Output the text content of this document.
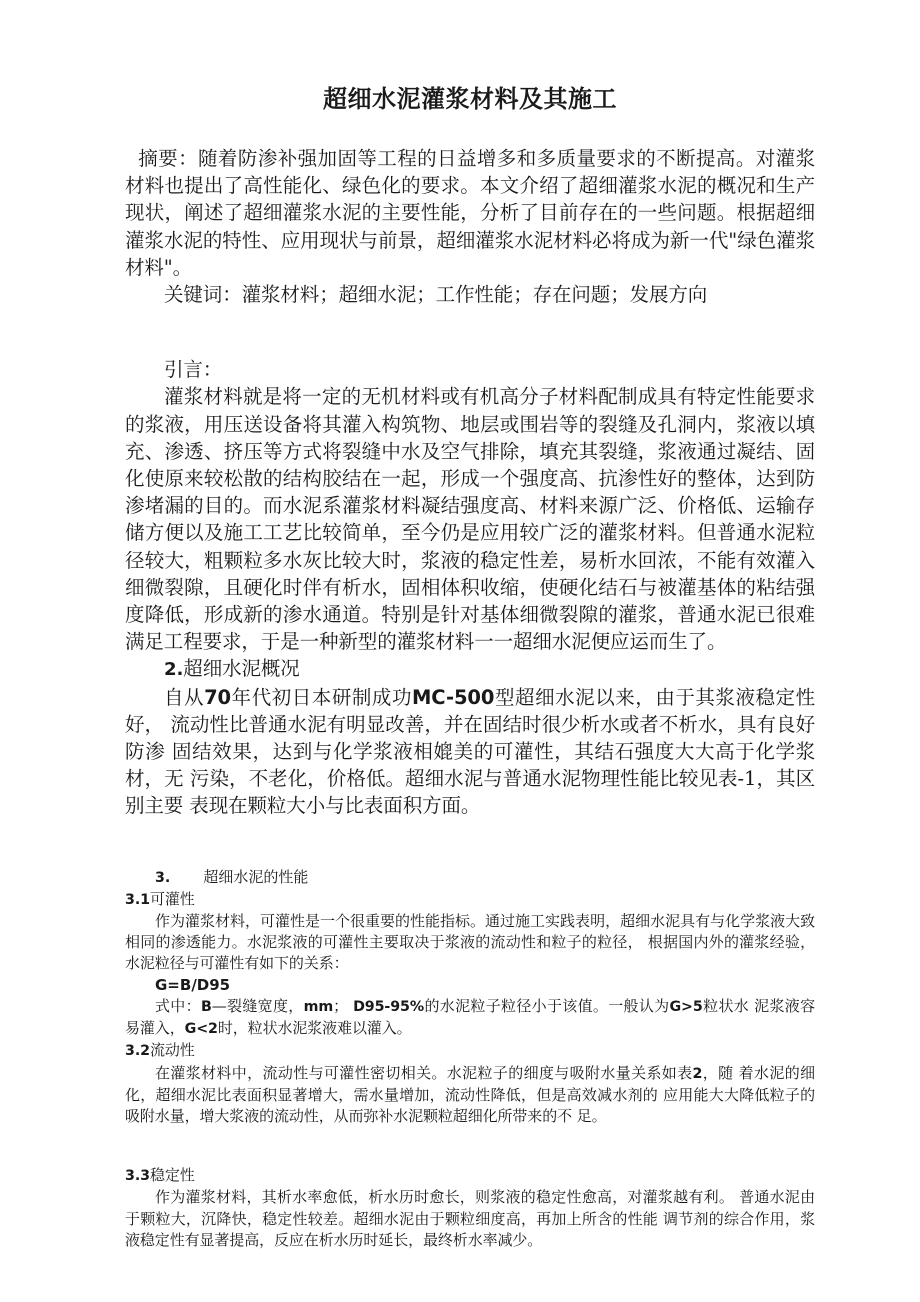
超细水泥灌浆材料及其施工

摘要：随着防渗补强加固等工程的日益增多和多质量要求的不断提高。对灌浆 材料也提出了高性能化、绿色化的要求。本文介绍了超细灌浆水泥的概况和生产 现状，阐述了超细灌浆水泥的主要性能，分析了目前存在的一些问题。根据超细 灌浆水泥的特性、应用现状与前景，超细灌浆水泥材料必将成为新一代"绿色灌浆 材料"。

关键词：灌浆材料；超细水泥；工作性能；存在问题；发展方向

引言：

灌浆材料就是将一定的无机材料或有机高分子材料配制成具有特定性能要求 的浆液，用压送设备将其灌入构筑物、地层或围岩等的裂缝及孔洞内，浆液以填 充、渗透、挤压等方式将裂缝中水及空气排除，填充其裂缝，浆液通过凝结、固 化使原来较松散的结构胶结在一起，形成一个强度高、抗渗性好的整体，达到防 渗堵漏的目的。而水泥系灌浆材料凝结强度高、材料来源广泛、价格低、运输存 储方便以及施工工艺比较简单，至今仍是应用较广泛的灌浆材料。但普通水泥粒 径较大，粗颗粒多水灰比较大时，浆液的稳定性差，易析水回浓，不能有效灌入 细微裂隙，且硬化时伴有析水，固相体积收缩，使硬化结石与被灌基体的粘结强 度降低，形成新的渗水通道。特别是针对基体细微裂隙的灌浆，普通水泥已很难 满足工程要求，于是一种新型的灌浆材料一一超细水泥便应运而生了。

2.超细水泥概况

自从70年代初日本研制成功MC-500型超细水泥以来，由于其浆液稳定性好， 流动性比普通水泥有明显改善，并在固结时很少析水或者不析水，具有良好防渗 固结效果，达到与化学浆液相媲美的可灌性，其结石强度大大高于化学浆材，无 污染，不老化，价格低。超细水泥与普通水泥物理性能比较见表-1，其区别主要 表现在颗粒大小与比表面积方面。

3. 超细水泥的性能

3.1可灌性

作为灌浆材料，可灌性是一个很重要的性能指标。通过施工实践表明，超细水泥具有与化学浆液大致相同的渗透能力。水泥浆液的可灌性主要取决于浆液的流动性和粒子的粒径， 根据国内外的灌浆经验，水泥粒径与可灌性有如下的关系：

G=B/D95

式中：B—裂缝宽度，mm； D95-95%的水泥粒子粒径小于该值。一般认为G>5粒状水 泥浆液容易灌入，G<2时，粒状水泥浆液难以灌入。

3.2流动性

在灌浆材料中，流动性与可灌性密切相关。水泥粒子的细度与吸附水量关系如表2，随 着水泥的细化，超细水泥比表面积显著增大，需水量增加，流动性降低，但是高效减水剂的 应用能大大降低粒子的吸附水量，增大浆液的流动性，从而弥补水泥颗粒超细化所带来的不 足。

3.3稳定性

作为灌浆材料，其析水率愈低，析水历时愈长，则浆液的稳定性愈高，对灌浆越有利。 普通水泥由于颗粒大，沉降快，稳定性较差。超细水泥由于颗粒细度高，再加上所含的性能 调节剂的综合作用，浆液稳定性有显著提高，反应在析水历时延长，最终析水率减少。
